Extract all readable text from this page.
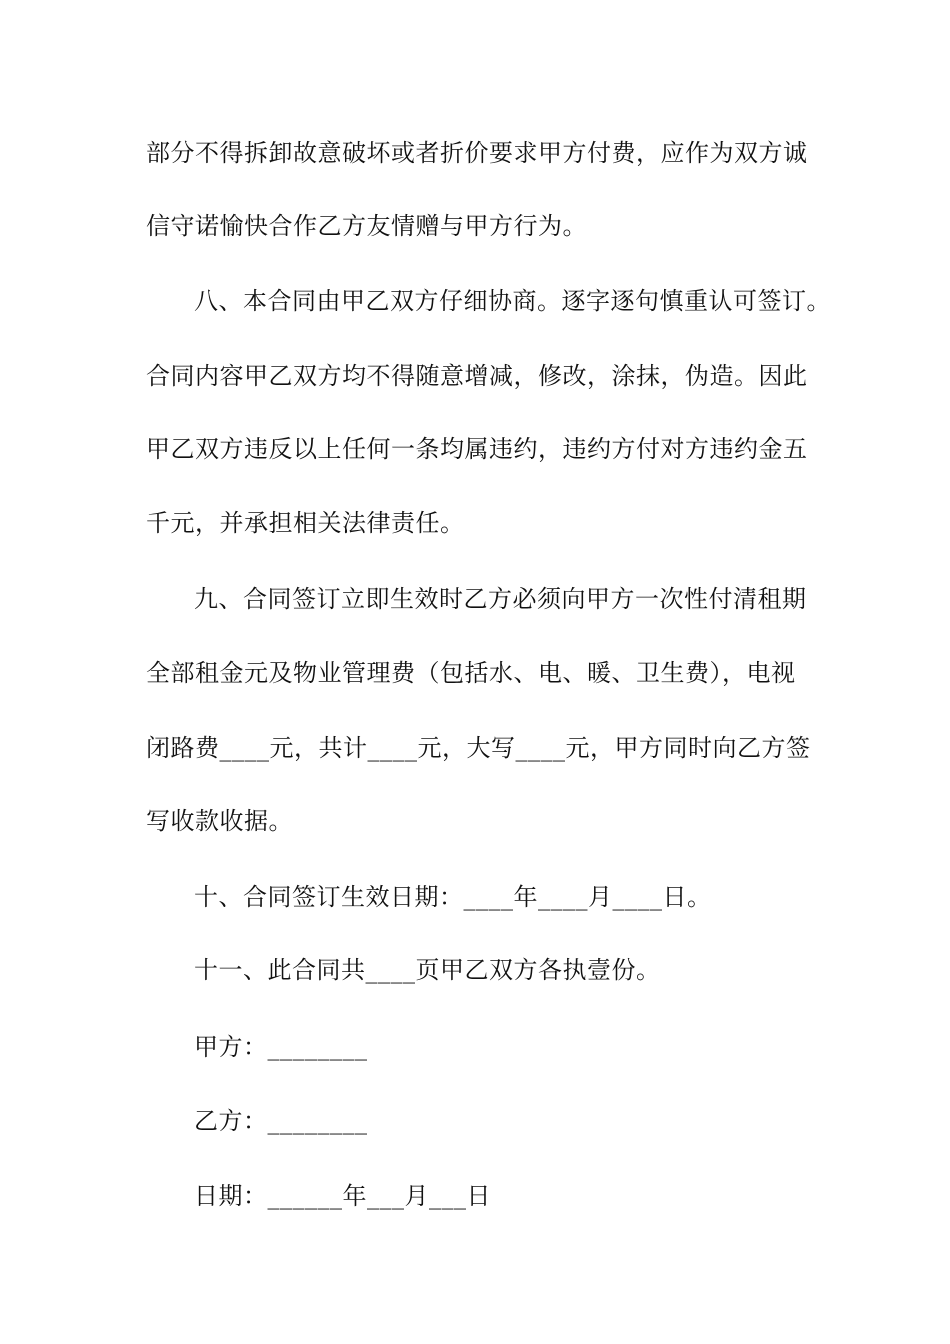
部分不得拆卸故意破坏或者折价要求甲方付费，应作为双方诚
信守诺愉快合作乙方友情赠与甲方行为。
八、本合同由甲乙双方仔细协商。逐字逐句慎重认可签订。
合同内容甲乙双方均不得随意增减，修改，涂抹，伪造。因此
甲乙双方违反以上任何一条均属违约，违约方付对方违约金五
千元，并承担相关法律责任。
九、合同签订立即生效时乙方必须向甲方一次性付清租期
全部租金元及物业管理费（包括水、电、暖、卫生费），电视
闭路费____元，共计____元，大写____元，甲方同时向乙方签
写收款收据。
十、合同签订生效日期：____年____月____日。
十一、此合同共____页甲乙双方各执壹份。
甲方：________
乙方：________
日期：______年___月___日
